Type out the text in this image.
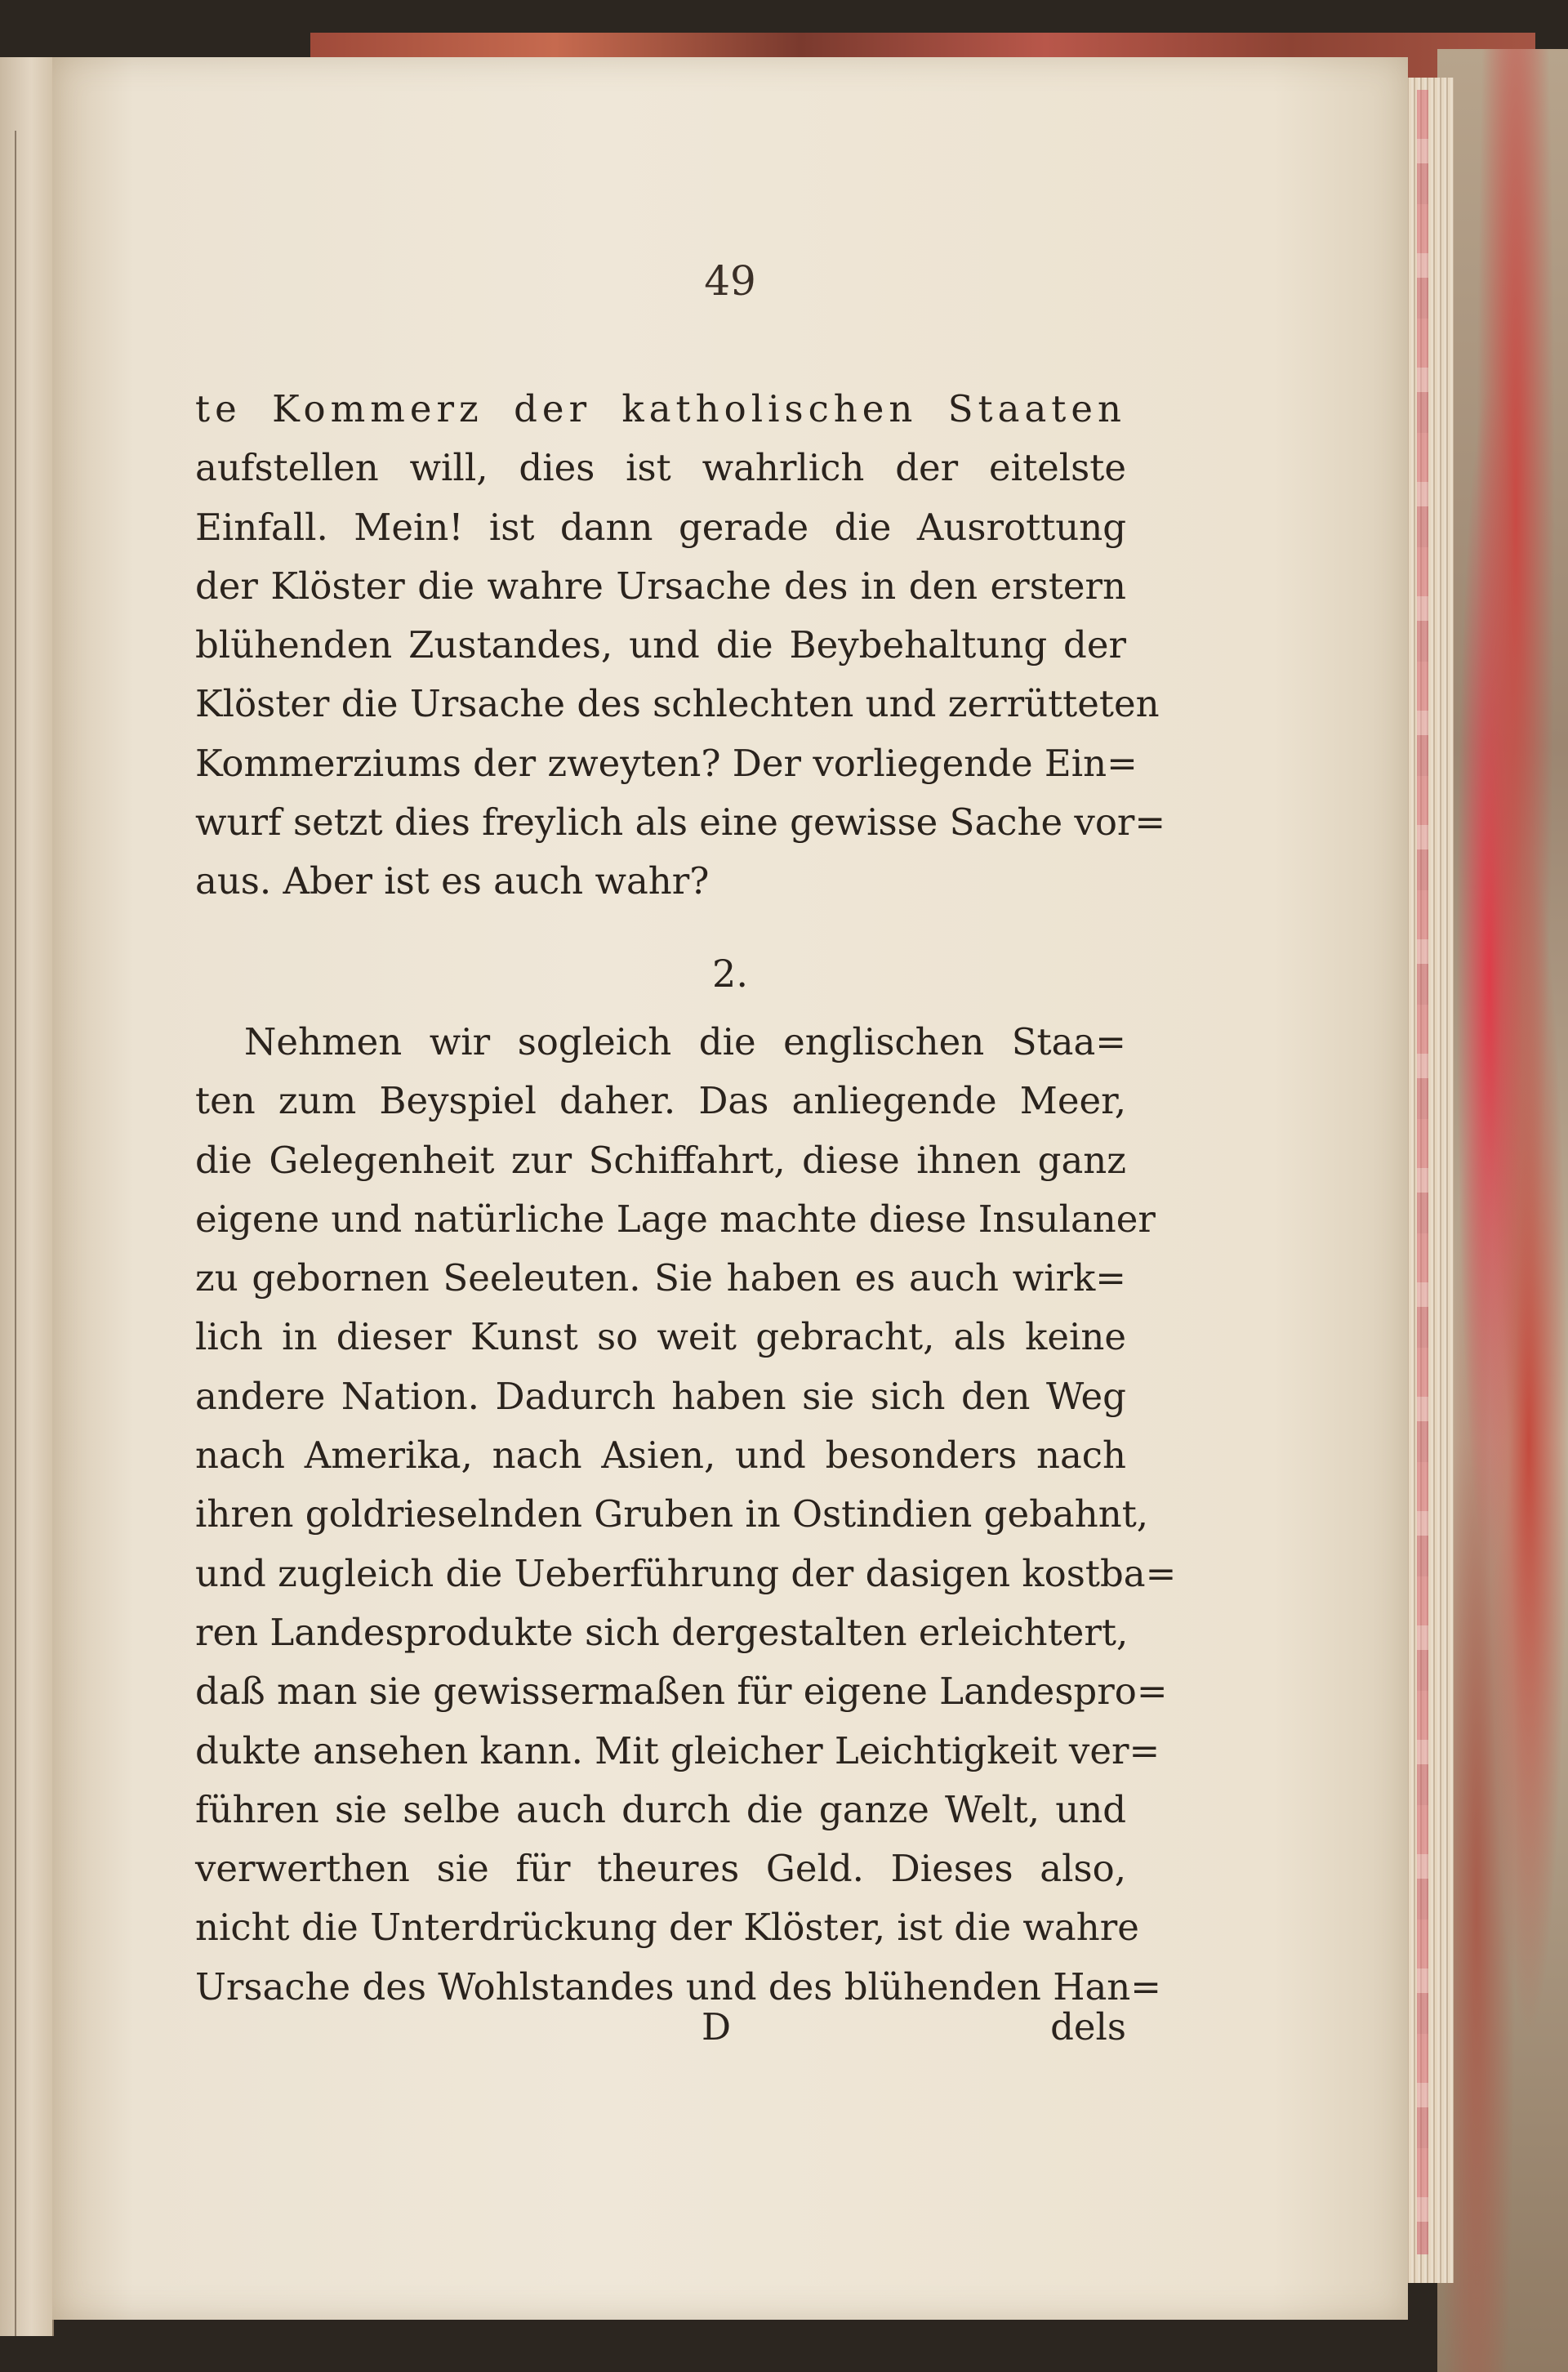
49
te Kommerz der katholischen Staaten
aufstellen will, dies ist wahrlich der eitelste
Einfall. Mein! ist dann gerade die Ausrottung
der Klöster die wahre Ursache des in den erstern
blühenden Zustandes, und die Beybehaltung der
Klöster die Ursache des schlechten und zerrütteten
Kommerziums der zweyten? Der vorliegende Ein=
wurf setzt dies freylich als eine gewisse Sache vor=
aus. Aber ist es auch wahr?
2.
Nehmen wir sogleich die englischen Staa=
ten zum Beyspiel daher. Das anliegende Meer,
die Gelegenheit zur Schiffahrt, diese ihnen ganz
eigene und natürliche Lage machte diese Insulaner
zu gebornen Seeleuten. Sie haben es auch wirk=
lich in dieser Kunst so weit gebracht, als keine
andere Nation. Dadurch haben sie sich den Weg
nach Amerika, nach Asien, und besonders nach
ihren goldrieselnden Gruben in Ostindien gebahnt,
und zugleich die Ueberführung der dasigen kostba=
ren Landesprodukte sich dergestalten erleichtert,
daß man sie gewissermaßen für eigene Landespro=
dukte ansehen kann. Mit gleicher Leichtigkeit ver=
führen sie selbe auch durch die ganze Welt, und
verwerthen sie für theures Geld. Dieses also,
nicht die Unterdrückung der Klöster, ist die wahre
Ursache des Wohlstandes und des blühenden Han=
D	dels
